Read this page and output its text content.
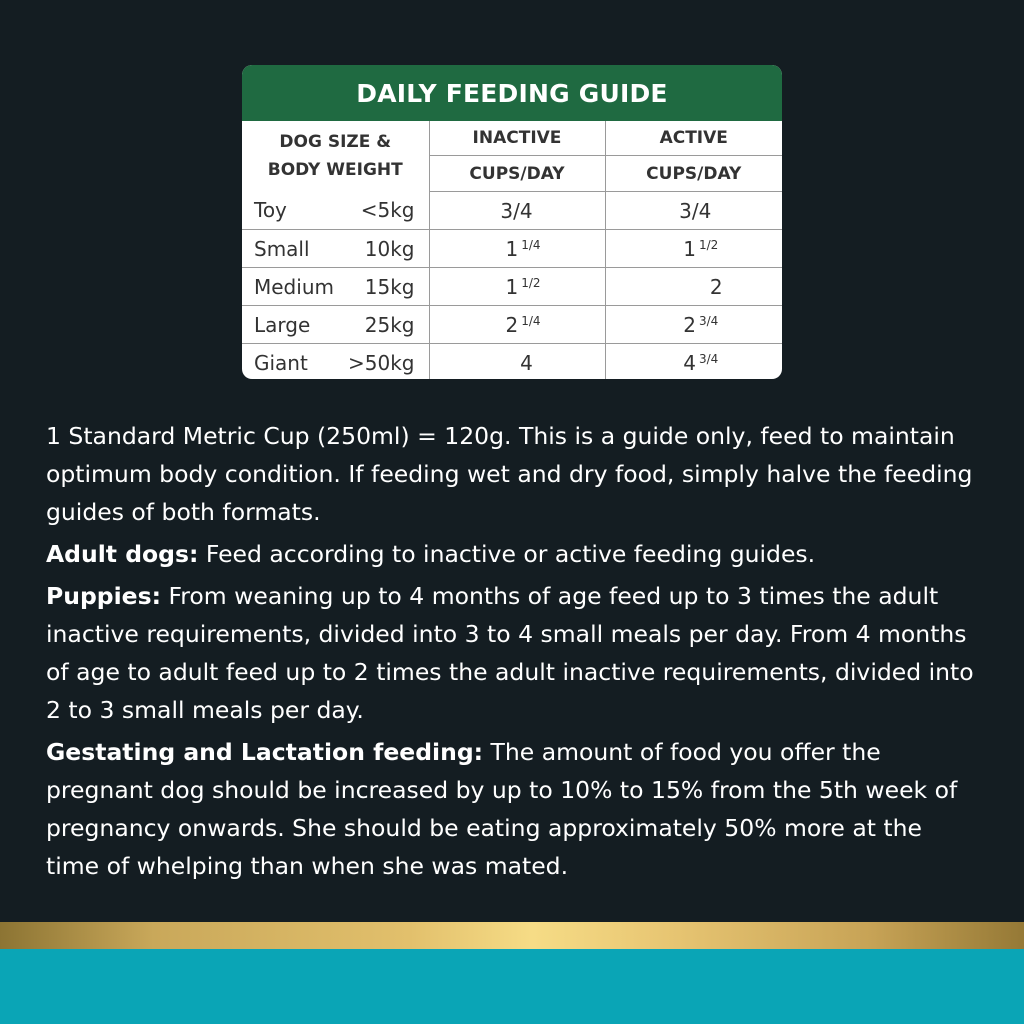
DAILY FEEDING GUIDE
DOG SIZE &
BODY WEIGHT	INACTIVE	ACTIVE
	CUPS/DAY	CUPS/DAY

Toy <5kg	3/4	3/4

Small 10kg	1 $^{1/4}$	1 $^{1/2}$

Medium 15kg	1 $^{1/2}$	2

Large 25kg	2 $^{1/4}$	2 $^{3/4}$

Giant >50kg	4	4 $^{3/4}$

1 Standard Metric Cup (250ml) = 120g. This is a guide only, feed to maintain optimum body condition. If feeding wet and dry food, simply halve the feeding guides of both formats.

Adult dogs: Feed according to inactive or active feeding guides.

Puppies: From weaning up to 4 months of age feed up to 3 times the adult inactive requirements, divided into 3 to 4 small meals per day. From 4 months of age to adult feed up to 2 times the adult inactive requirements, divided into 2 to 3 small meals per day.

Gestating and Lactation feeding: The amount of food you offer the pregnant dog should be increased by up to 10% to 15% from the 5th week of pregnancy onwards. She should be eating approximately 50% more at the time of whelping than when she was mated.
